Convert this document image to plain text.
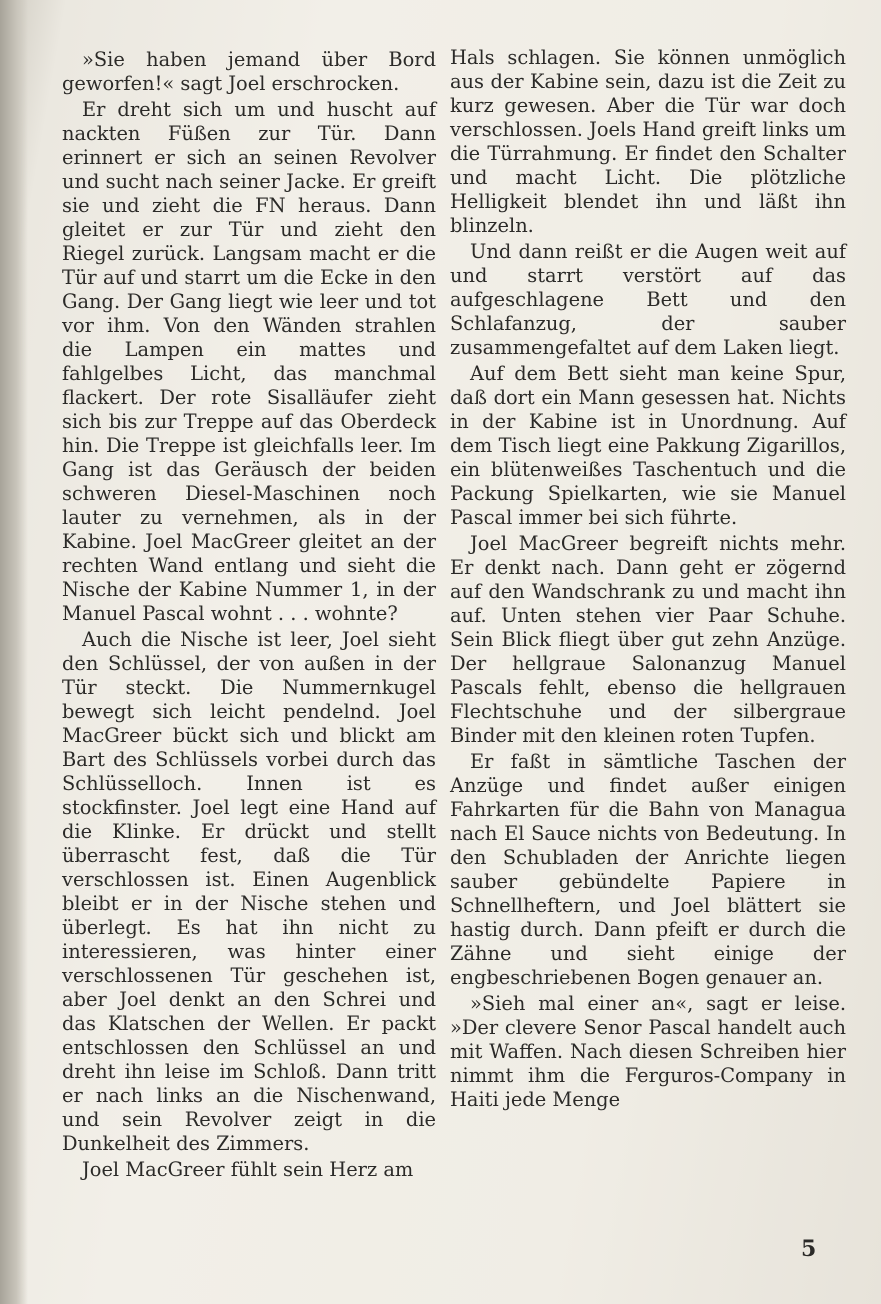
»Sie haben jemand über Bord geworfen!« sagt Joel erschrocken.

Er dreht sich um und huscht auf nackten Füßen zur Tür. Dann erinnert er sich an seinen Revolver und sucht nach seiner Jacke. Er greift sie und zieht die FN heraus. Dann gleitet er zur Tür und zieht den Riegel zurück. Langsam macht er die Tür auf und starrt um die Ecke in den Gang. Der Gang liegt wie leer und tot vor ihm. Von den Wänden strahlen die Lampen ein mattes und fahlgelbes Licht, das manchmal flackert. Der rote Sisalläufer zieht sich bis zur Treppe auf das Oberdeck hin. Die Treppe ist gleichfalls leer. Im Gang ist das Geräusch der beiden schweren Diesel-Maschinen noch lauter zu vernehmen, als in der Kabine. Joel MacGreer gleitet an der rechten Wand entlang und sieht die Nische der Kabine Nummer 1, in der Manuel Pascal wohnt . . . wohnte?

Auch die Nische ist leer, Joel sieht den Schlüssel, der von außen in der Tür steckt. Die Nummernkugel bewegt sich leicht pendelnd. Joel MacGreer bückt sich und blickt am Bart des Schlüssels vorbei durch das Schlüsselloch. Innen ist es stockfinster. Joel legt eine Hand auf die Klinke. Er drückt und stellt überrascht fest, daß die Tür verschlossen ist. Einen Augenblick bleibt er in der Nische stehen und überlegt. Es hat ihn nicht zu interessieren, was hinter einer verschlossenen Tür geschehen ist, aber Joel denkt an den Schrei und das Klatschen der Wellen. Er packt entschlossen den Schlüssel an und dreht ihn leise im Schloß. Dann tritt er nach links an die Nischenwand, und sein Revolver zeigt in die Dunkelheit des Zimmers.

Joel MacGreer fühlt sein Herz am

Hals schlagen. Sie können unmöglich aus der Kabine sein, dazu ist die Zeit zu kurz gewesen. Aber die Tür war doch verschlossen. Joels Hand greift links um die Türrahmung. Er findet den Schalter und macht Licht. Die plötzliche Helligkeit blendet ihn und läßt ihn blinzeln.

Und dann reißt er die Augen weit auf und starrt verstört auf das aufgeschlagene Bett und den Schlafanzug, der sauber zusammengefaltet auf dem Laken liegt.

Auf dem Bett sieht man keine Spur, daß dort ein Mann gesessen hat. Nichts in der Kabine ist in Unordnung. Auf dem Tisch liegt eine Pakkung Zigarillos, ein blütenweißes Taschentuch und die Packung Spielkarten, wie sie Manuel Pascal immer bei sich führte.

Joel MacGreer begreift nichts mehr. Er denkt nach. Dann geht er zögernd auf den Wandschrank zu und macht ihn auf. Unten stehen vier Paar Schuhe. Sein Blick fliegt über gut zehn Anzüge. Der hellgraue Salonanzug Manuel Pascals fehlt, ebenso die hellgrauen Flechtschuhe und der silbergraue Binder mit den kleinen roten Tupfen.

Er faßt in sämtliche Taschen der Anzüge und findet außer einigen Fahrkarten für die Bahn von Managua nach El Sauce nichts von Bedeutung. In den Schubladen der Anrichte liegen sauber gebündelte Papiere in Schnellheftern, und Joel blättert sie hastig durch. Dann pfeift er durch die Zähne und sieht einige der engbeschriebenen Bogen genauer an.

»Sieh mal einer an«, sagt er leise. »Der clevere Senor Pascal handelt auch mit Waffen. Nach diesen Schreiben hier nimmt ihm die Ferguros-Company in Haiti jede Menge

5
